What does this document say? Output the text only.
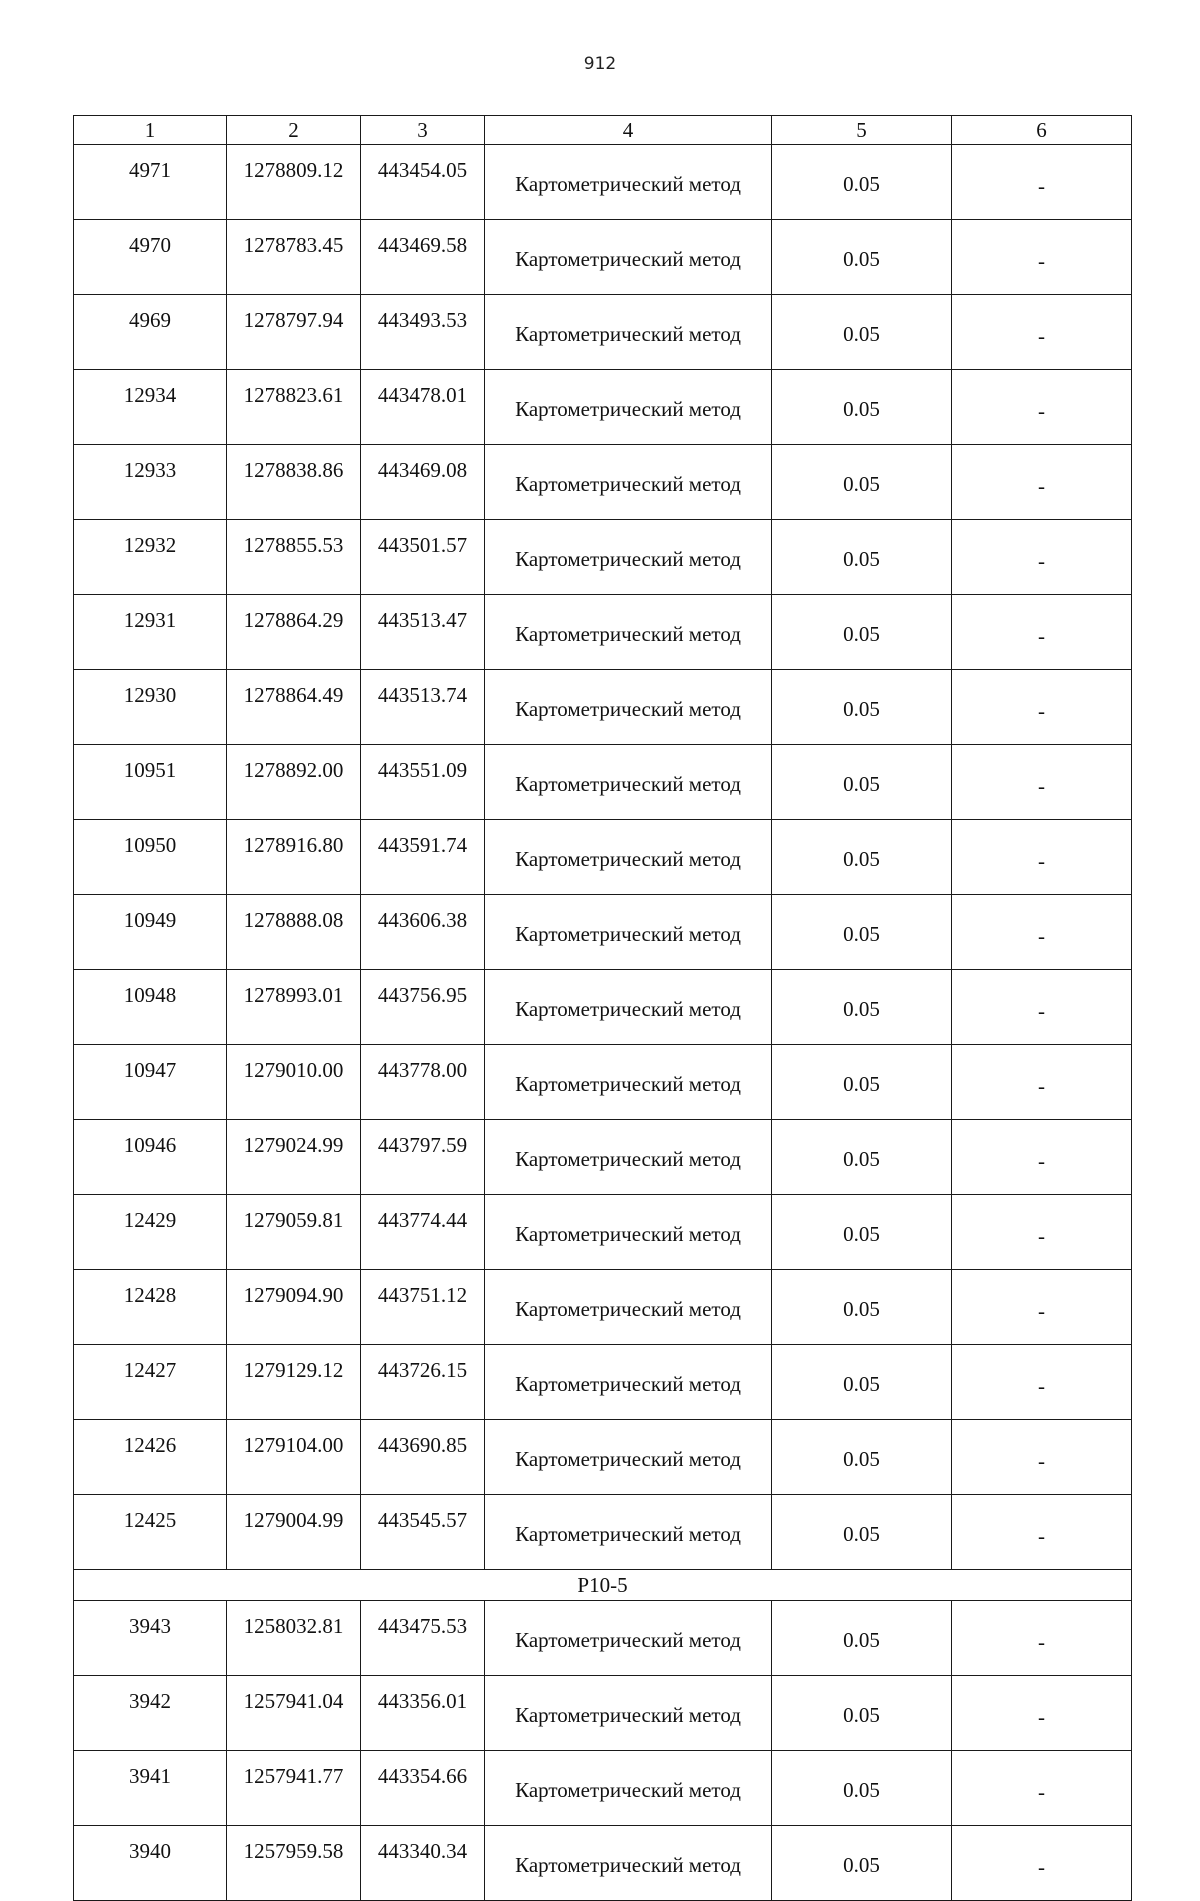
912
1	2	3	4	5	6
4971	1278809.12	443454.05	Картометрический метод	0.05	-
4970	1278783.45	443469.58	Картометрический метод	0.05	-
4969	1278797.94	443493.53	Картометрический метод	0.05	-
12934	1278823.61	443478.01	Картометрический метод	0.05	-
12933	1278838.86	443469.08	Картометрический метод	0.05	-
12932	1278855.53	443501.57	Картометрический метод	0.05	-
12931	1278864.29	443513.47	Картометрический метод	0.05	-
12930	1278864.49	443513.74	Картометрический метод	0.05	-
10951	1278892.00	443551.09	Картометрический метод	0.05	-
10950	1278916.80	443591.74	Картометрический метод	0.05	-
10949	1278888.08	443606.38	Картометрический метод	0.05	-
10948	1278993.01	443756.95	Картометрический метод	0.05	-
10947	1279010.00	443778.00	Картометрический метод	0.05	-
10946	1279024.99	443797.59	Картометрический метод	0.05	-
12429	1279059.81	443774.44	Картометрический метод	0.05	-
12428	1279094.90	443751.12	Картометрический метод	0.05	-
12427	1279129.12	443726.15	Картометрический метод	0.05	-
12426	1279104.00	443690.85	Картометрический метод	0.05	-
12425	1279004.99	443545.57	Картометрический метод	0.05	-
Р10-5					
3943	1258032.81	443475.53	Картометрический метод	0.05	-
3942	1257941.04	443356.01	Картометрический метод	0.05	-
3941	1257941.77	443354.66	Картометрический метод	0.05	-
3940	1257959.58	443340.34	Картометрический метод	0.05	-
